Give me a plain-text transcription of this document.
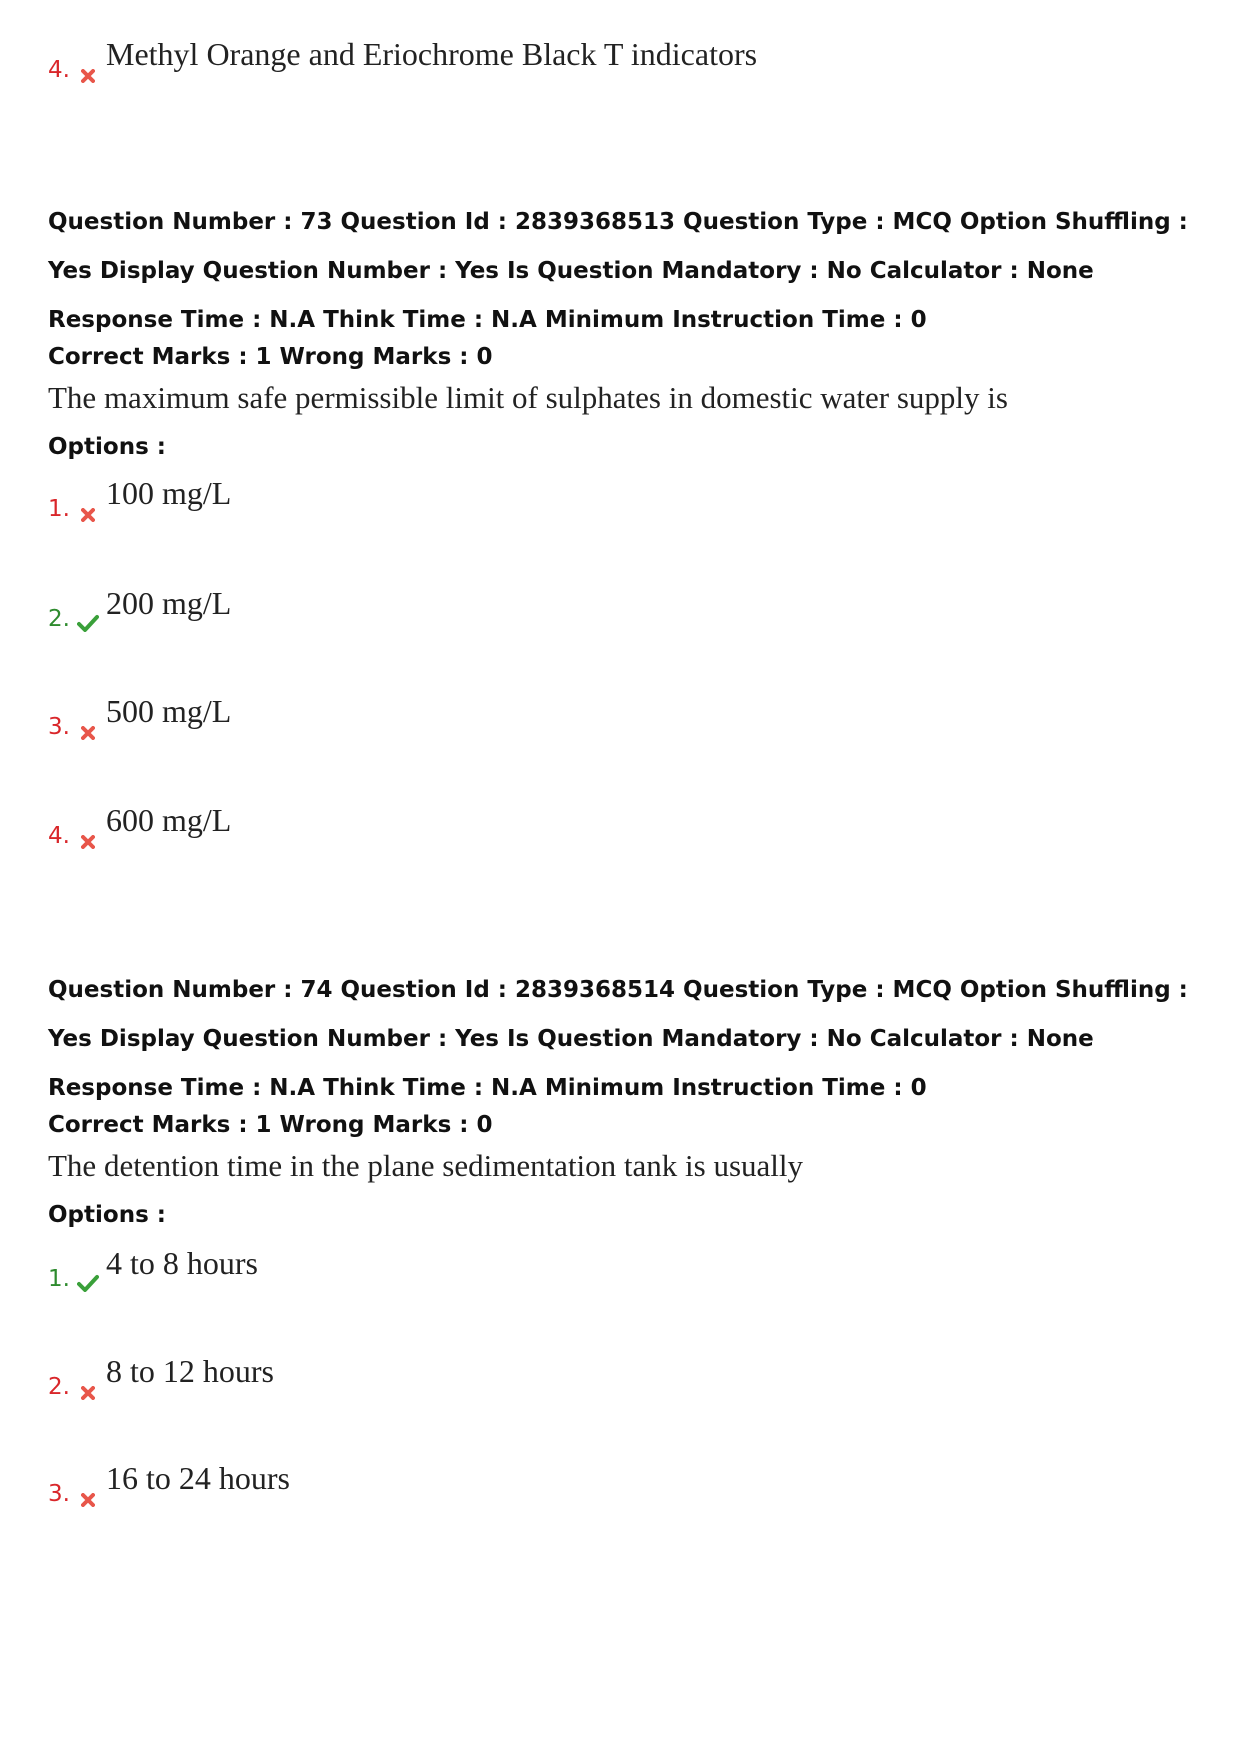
4. Methyl Orange and Eriochrome Black T indicators
Question Number : 73 Question Id : 2839368513 Question Type : MCQ Option Shuffling : Yes Display Question Number : Yes Is Question Mandatory : No Calculator : None Response Time : N.A Think Time : N.A Minimum Instruction Time : 0
Correct Marks : 1 Wrong Marks : 0
The maximum safe permissible limit of sulphates in domestic water supply is
Options :
1. 100 mg/L
2. 200 mg/L
3. 500 mg/L
4. 600 mg/L
Question Number : 74 Question Id : 2839368514 Question Type : MCQ Option Shuffling : Yes Display Question Number : Yes Is Question Mandatory : No Calculator : None Response Time : N.A Think Time : N.A Minimum Instruction Time : 0
Correct Marks : 1 Wrong Marks : 0
The detention time in the plane sedimentation tank is usually
Options :
1. 4 to 8 hours
2. 8 to 12 hours
3. 16 to 24 hours
